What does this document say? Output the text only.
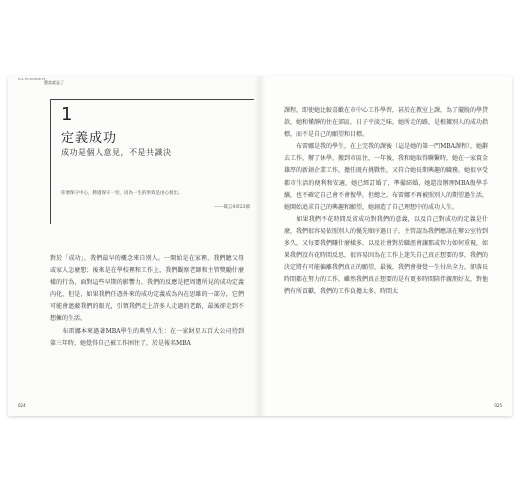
the ECONOMIST
豐富就是了
1
定義成功
成功是個人意見，不是共識決
你要保守中心，勝過保守一切，因為一生的果效是由心發出。
——箴言4章23節

對於「成功」，我們最早的概念來自別人。一開始是在家裡，我們聽父母或家人怎麼想；後來是在學校裡和工作上，我們觀察老師和主管獎勵什麼樣的行為，面對這些早期的影響力，我們的反應是把周遭所見的成功定義內化，但是，如果我們任憑外來的成功定義成為內在思維的一部分，它們可能會遮蔽我們的眼光，引領我們走上許多人走過的老路，最後卻走到不想擁的生活。
　　布雷娜本來過著MBA學生的典型人生：在一家財星五百大公司待到第三年時，她覺得自己被工作困住了，於是報名MBA

024

課程，即使她比較喜歡在市中心工作學習，甚於在教室上課，為了擺脫的學貸款，她和懂靜的住在郊區，日子平淡乏味，她所走的路，是根據別人的成功指標，而不是自己的願望和目標。
　　布雷娜是我的學生，在上完我的課後（這是她的第一門MBA課程），她辭去工作，辦了休學，搬到市區住，一年後，我和她取得聯繫時，她在一家資金雄厚的新創企業工作，擔任既有挑戰性，又符合她長期興趣的職務，她很享受都市生活的便利和安適，她已經訂婚了，準備結婚，她還沒辦理MBA復學手續，也不確定自己會不會復學，但總之，布雷娜不再被照別人的期望過生活，她開始追求自己的興趣和願望，她創造了自己理想中的成功人生。
　　如果我們不花時間反省成功對我們的意義，以及自己對成功的定義是什麼，我們很容易依照別人的優先順序過日子，主管認為我們應該在辦公室待到多久，又每要我們賺什麼樣多，以及社會對於職涯會讓那或智力如何重視，如果我們沒有花時間反思，很容易因為在工作上迷失自己真正想要的事，我們的決定將有可能偏離我們真正的願望，最後，我們會發覺一生付出全力，卻落長時間都在努力的工作，雖然我們真正想要的是有更多時間陪伴親朋好友，對他們有所貢獻，我們的工作負擔太多，時間太

025
